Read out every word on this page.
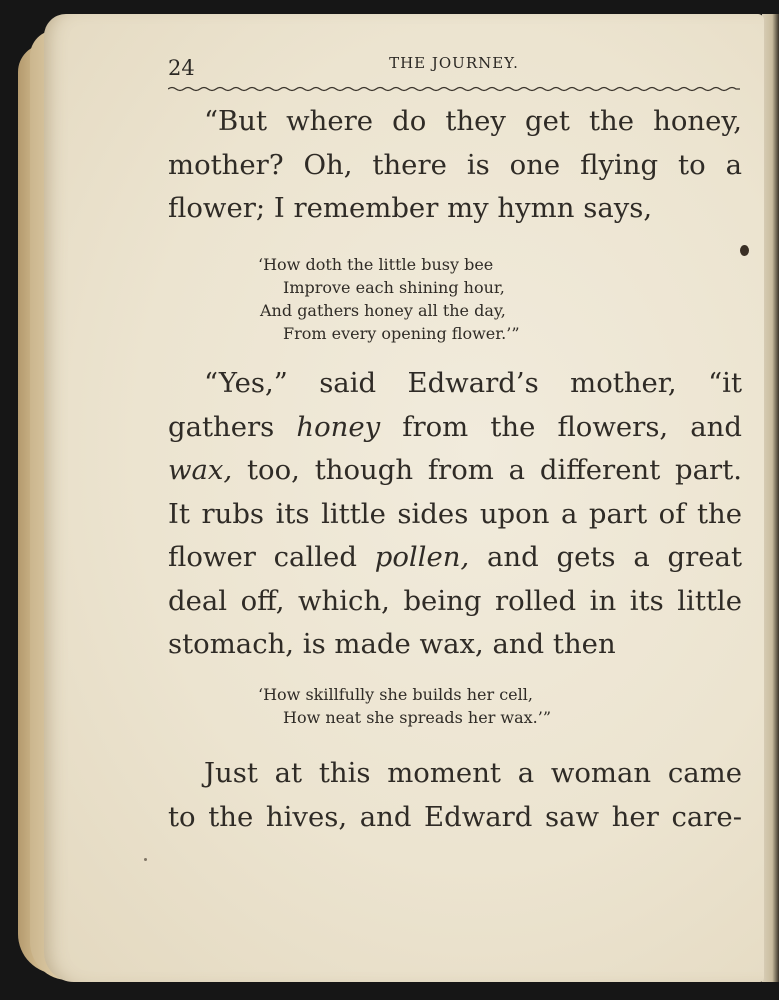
24	THE JOURNEY.
“But where do they get the honey,
mother? Oh, there is one flying to a
flower; I remember my hymn says,
‘How doth the little busy bee
Improve each shining hour,
And gathers honey all the day,
From every opening flower.’”
“Yes,” said Edward’s mother, “it
gathers honey from the flowers, and
wax, too, though from a different part.
It rubs its little sides upon a part of the
flower called pollen, and gets a great
deal off, which, being rolled in its little
stomach, is made wax, and then
‘How skillfully she builds her cell,
How neat she spreads her wax.’”
Just at this moment a woman came
to the hives, and Edward saw her care-
